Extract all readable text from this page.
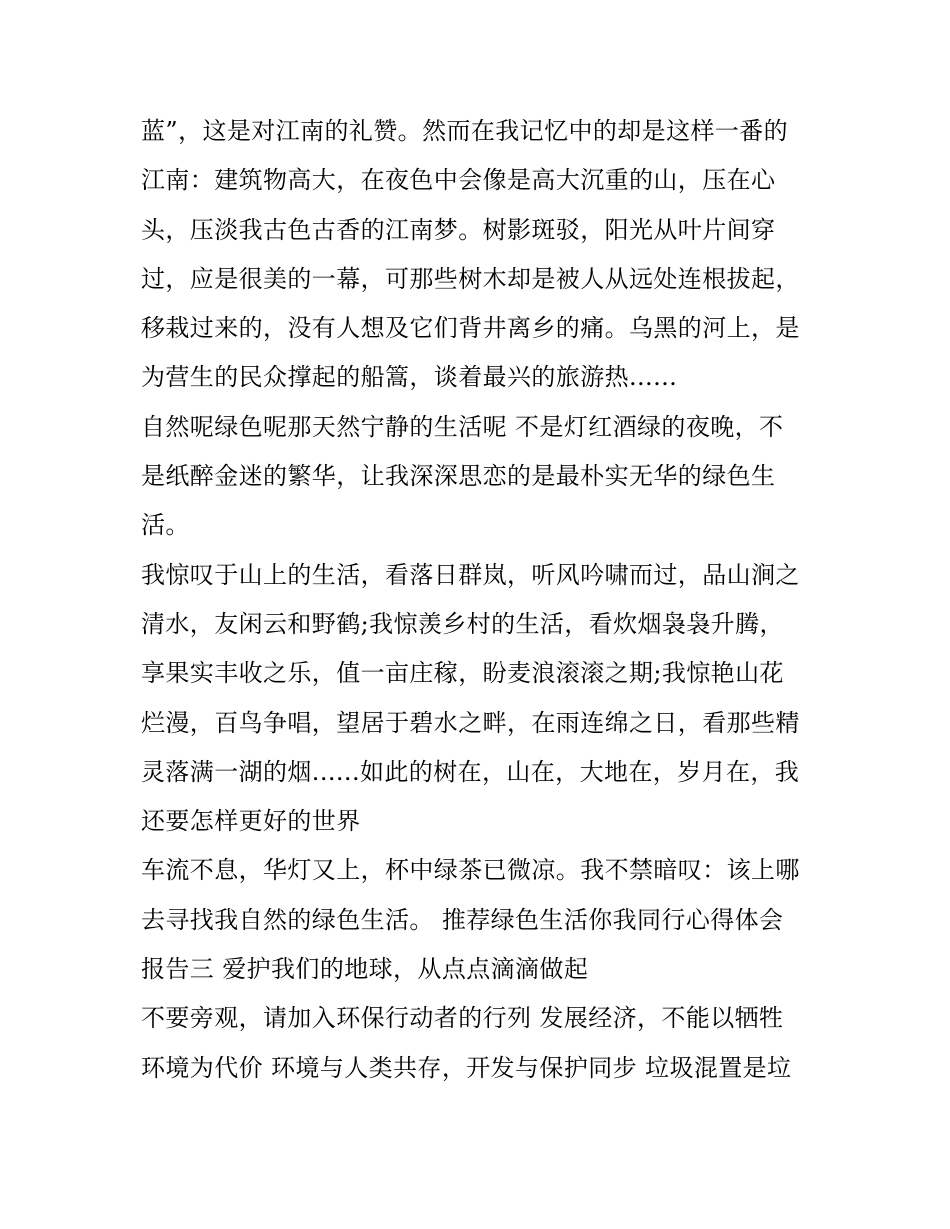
蓝”，这是对江南的礼赞。然而在我记忆中的却是这样一番的
江南：建筑物高大，在夜色中会像是高大沉重的山，压在心
头，压淡我古色古香的江南梦。树影斑驳，阳光从叶片间穿
过，应是很美的一幕，可那些树木却是被人从远处连根拔起，
移栽过来的，没有人想及它们背井离乡的痛。乌黑的河上，是
为营生的民众撑起的船篙，谈着最兴的旅游热......
自然呢绿色呢那天然宁静的生活呢 不是灯红酒绿的夜晚，不
是纸醉金迷的繁华，让我深深思恋的是最朴实无华的绿色生
活。
我惊叹于山上的生活，看落日群岚，听风吟啸而过，品山涧之
清水，友闲云和野鹤;我惊羡乡村的生活，看炊烟袅袅升腾，
享果实丰收之乐，值一亩庄稼，盼麦浪滚滚之期;我惊艳山花
烂漫，百鸟争唱，望居于碧水之畔，在雨连绵之日，看那些精
灵落满一湖的烟......如此的树在，山在，大地在，岁月在，我
还要怎样更好的世界
车流不息，华灯又上，杯中绿茶已微凉。我不禁暗叹：该上哪
去寻找我自然的绿色生活。 推荐绿色生活你我同行心得体会
报告三 爱护我们的地球，从点点滴滴做起
不要旁观，请加入环保行动者的行列 发展经济，不能以牺牲
环境为代价 环境与人类共存，开发与保护同步 垃圾混置是垃
